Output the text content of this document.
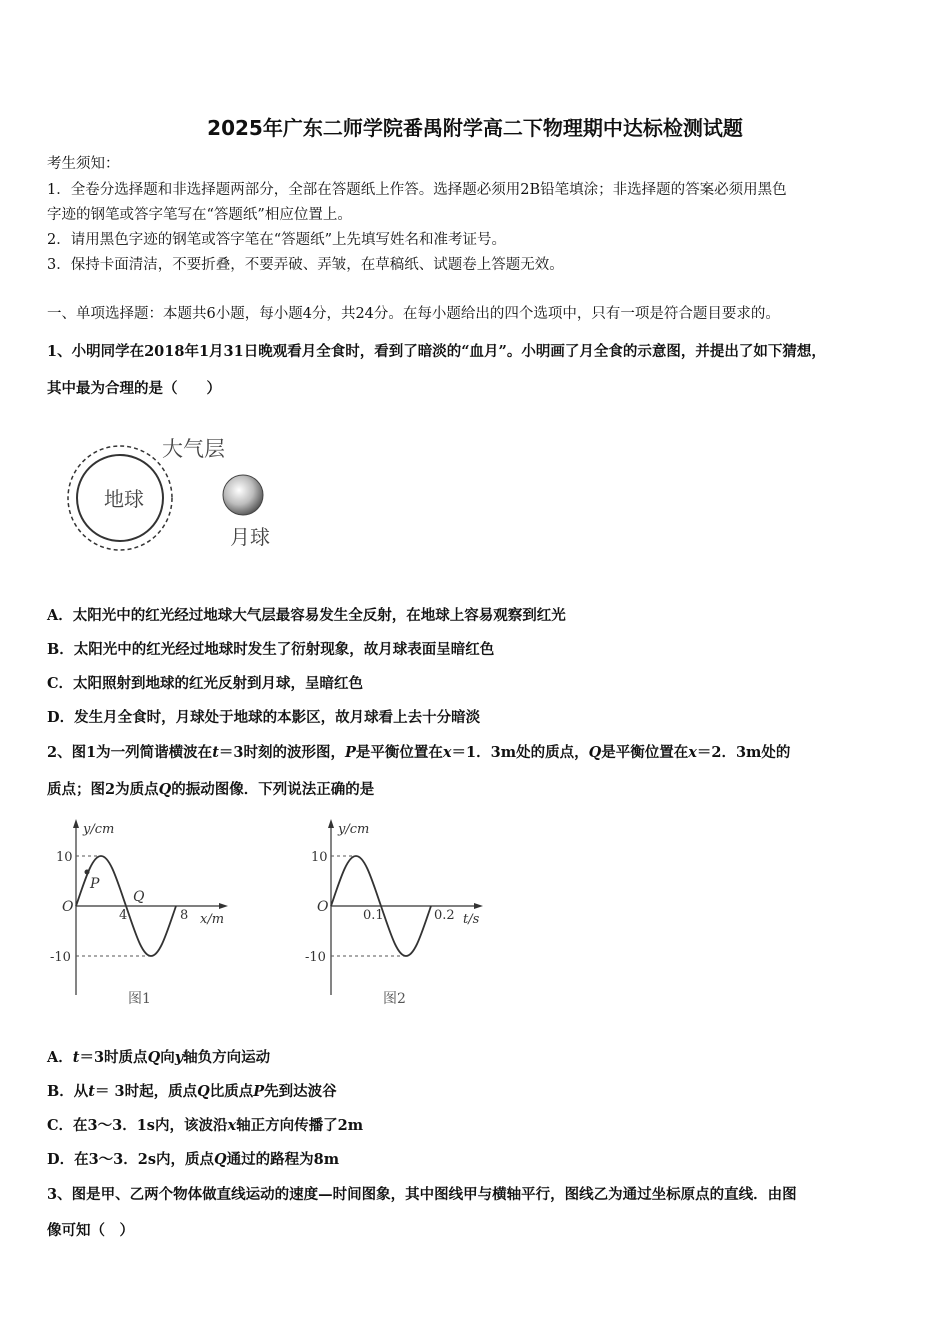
2025年广东二师学院番禺附学高二下物理期中达标检测试题
考生须知：
1．全卷分选择题和非选择题两部分，全部在答题纸上作答。选择题必须用2B铅笔填涂；非选择题的答案必须用黑色
字迹的钢笔或答字笔写在“答题纸”相应位置上。
2．请用黑色字迹的钢笔或答字笔在“答题纸”上先填写姓名和准考证号。
3．保持卡面清洁，不要折叠，不要弄破、弄皱，在草稿纸、试题卷上答题无效。
一、单项选择题：本题共6小题，每小题4分，共24分。在每小题给出的四个选项中，只有一项是符合题目要求的。
1、小明同学在2018年1月31日晚观看月全食时，看到了暗淡的“血月”。小明画了月全食的示意图，并提出了如下猜想，
其中最为合理的是（　　）
大气层
地球
月球
A．太阳光中的红光经过地球大气层最容易发生全反射，在地球上容易观察到红光
B．太阳光中的红光经过地球时发生了衍射现象，故月球表面呈暗红色
C．太阳照射到地球的红光反射到月球，呈暗红色
D．发生月全食时，月球处于地球的本影区，故月球看上去十分暗淡
2、图1为一列简谐横波在t＝3时刻的波形图，P是平衡位置在x＝1．3m处的质点，Q是平衡位置在x＝2．3m处的
质点；图2为质点Q的振动图像．下列说法正确的是
y/cm
x/m
O
10
-10
4	8
P
Q
图1
y/cm
t/s
O
10
-10
0.1	0.2
图2
A．t＝3时质点Q向y轴负方向运动
B．从t＝ 3时起，质点Q比质点P先到达波谷
C．在3～3．1s内，该波沿x轴正方向传播了2m
D．在3～3．2s内，质点Q通过的路程为8m
3、图是甲、乙两个物体做直线运动的速度—时间图象，其中图线甲与横轴平行，图线乙为通过坐标原点的直线．由图
像可知（　）
